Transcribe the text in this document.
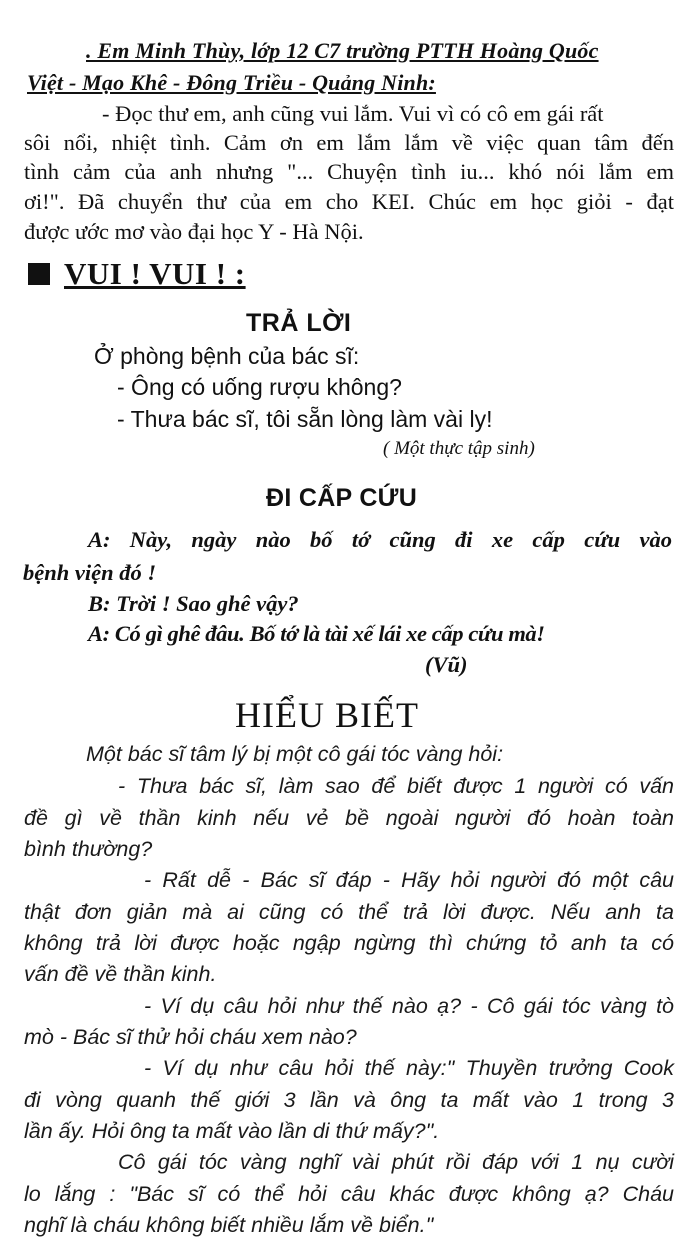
. Em Minh Thùy, lớp 12 C7 trường PTTH Hoàng Quốc
Việt - Mạo Khê - Đông Triều - Quảng Ninh:
- Đọc thư em, anh cũng vui lắm. Vui vì có cô em gái rất
sôi nổi, nhiệt tình. Cảm ơn em lắm lắm về việc quan tâm đến
tình cảm của anh nhưng "... Chuyện tình iu... khó nói lắm em
ơi!". Đã chuyển thư của em cho KEI. Chúc em học giỏi - đạt
được ước mơ vào đại học Y - Hà Nội.
VUI ! VUI ! :
TRẢ LỜI
Ở phòng bệnh của bác sĩ:
- Ông có uống rượu không?
- Thưa bác sĩ, tôi sẵn lòng làm vài ly!
( Một thực tập sinh)
ĐI CẤP CỨU
A: Này, ngày nào bố tớ cũng đi xe cấp cứu vào
bệnh viện đó !
B: Trời ! Sao ghê vậy?
A: Có gì ghê đâu. Bố tớ là tài xế lái xe cấp cứu mà!
(Vũ)
HIỂU BIẾT
Một bác sĩ tâm lý bị một cô gái tóc vàng hỏi:
- Thưa bác sĩ, làm sao để biết được 1 người có vấn
đề gì về thần kinh nếu vẻ bề ngoài người đó hoàn toàn
bình thường?
- Rất dễ - Bác sĩ đáp - Hãy hỏi người đó một câu
thật đơn giản mà ai cũng có thể trả lời được. Nếu anh ta
không trả lời được hoặc ngập ngừng thì chứng tỏ anh ta có
vấn đề về thần kinh.
- Ví dụ câu hỏi như thế nào ạ? - Cô gái tóc vàng tò
mò - Bác sĩ thử hỏi cháu xem nào?
- Ví dụ như câu hỏi thế này:" Thuyền trưởng Cook
đi vòng quanh thế giới 3 lần và ông ta mất vào 1 trong 3
lần ấy. Hỏi ông ta mất vào lần di thứ mấy?".
Cô gái tóc vàng nghĩ vài phút rồi đáp với 1 nụ cười
lo lắng : "Bác sĩ có thể hỏi câu khác được không ạ? Cháu
nghĩ là cháu không biết nhiều lắm về biển."
